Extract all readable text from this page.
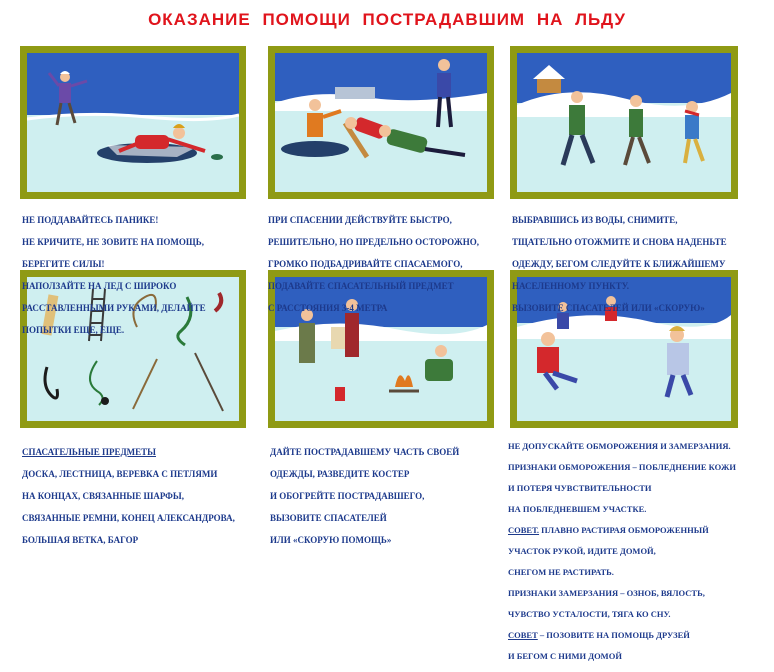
ОКАЗАНИЕ ПОМОЩИ ПОСТРАДАВШИМ НА ЛЬДУ

НЕ ПОДДАВАЙТЕСЬ ПАНИКЕ!

НЕ КРИЧИТЕ, НЕ ЗОВИТЕ НА ПОМОЩЬ,

БЕРЕГИТЕ СИЛЫ!

НАПОЛЗАЙТЕ НА ЛЕД С ШИРОКО

РАССТАВЛЕННЫМИ РУКАМИ, ДЕЛАЙТЕ

ПОПЫТКИ ЕЩЕ, ЕЩЕ.

ПРИ СПАСЕНИИ ДЕЙСТВУЙТЕ БЫСТРО,

РЕШИТЕЛЬНО, НО ПРЕДЕЛЬНО ОСТОРОЖНО,

ГРОМКО ПОДБАДРИВАЙТЕ СПАСАЕМОГО,

ПОДАВАЙТЕ СПАСАТЕЛЬНЫЙ ПРЕДМЕТ

С РАССТОЯНИЯ 3-4 МЕТРА

ВЫБРАВШИСЬ ИЗ ВОДЫ, СНИМИТЕ,

ТЩАТЕЛЬНО ОТОЖМИТЕ И СНОВА НАДЕНЬТЕ

ОДЕЖДУ, БЕГОМ СЛЕДУЙТЕ К БЛИЖАЙШЕМУ

НАСЕЛЕННОМУ ПУНКТУ.

ВЫЗОВИТЕ СПАСАТЕЛЕЙ ИЛИ «СКОРУЮ»

СПАСАТЕЛЬНЫЕ ПРЕДМЕТЫ

ДОСКА, ЛЕСТНИЦА, ВЕРЕВКА С ПЕТЛЯМИ

НА КОНЦАХ, СВЯЗАННЫЕ ШАРФЫ,

СВЯЗАННЫЕ РЕМНИ, КОНЕЦ АЛЕКСАНДРОВА,

БОЛЬШАЯ ВЕТКА, БАГОР

ДАЙТЕ ПОСТРАДАВШЕМУ ЧАСТЬ СВОЕЙ

ОДЕЖДЫ, РАЗВЕДИТЕ КОСТЕР

И ОБОГРЕЙТЕ ПОСТРАДАВШЕГО,

ВЫЗОВИТЕ СПАСАТЕЛЕЙ

ИЛИ «СКОРУЮ ПОМОЩЬ»

НЕ ДОПУСКАЙТЕ ОБМОРОЖЕНИЯ И ЗАМЕРЗАНИЯ.

ПРИЗНАКИ ОБМОРОЖЕНИЯ – ПОБЛЕДНЕНИЕ КОЖИ

И ПОТЕРЯ ЧУВСТВИТЕЛЬНОСТИ

НА ПОБЛЕДНЕВШЕМ УЧАСТКЕ.

СОВЕТ. ПЛАВНО РАСТИРАЯ ОБМОРОЖЕННЫЙ

УЧАСТОК РУКОЙ, ИДИТЕ ДОМОЙ,

СНЕГОМ НЕ РАСТИРАТЬ.

ПРИЗНАКИ ЗАМЕРЗАНИЯ – ОЗНОБ, ВЯЛОСТЬ,

ЧУВСТВО УСТАЛОСТИ, ТЯГА КО СНУ.

СОВЕТ – ПОЗОВИТЕ НА ПОМОЩЬ ДРУЗЕЙ

И БЕГОМ С НИМИ ДОМОЙ
